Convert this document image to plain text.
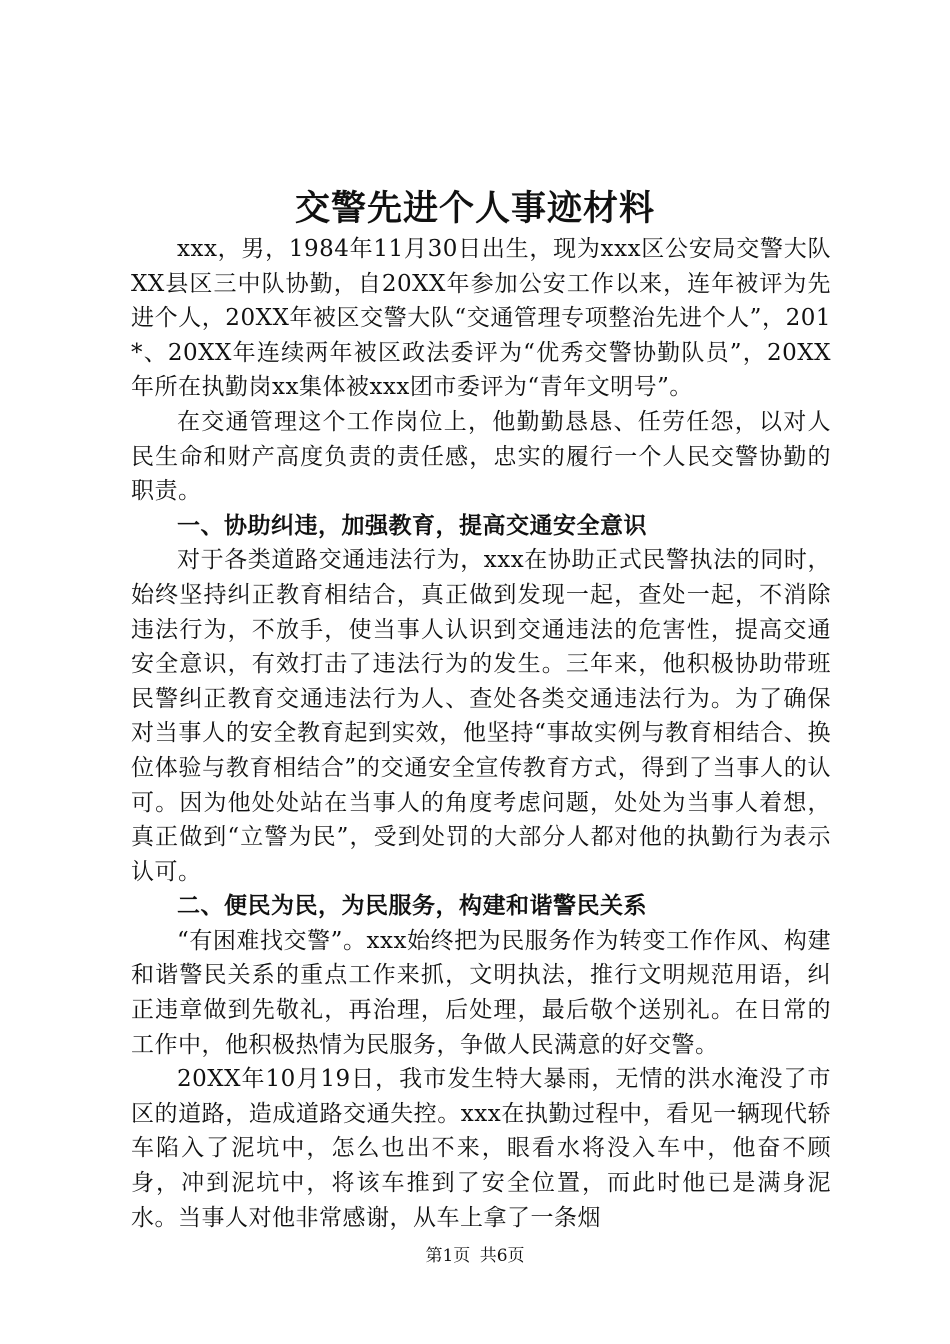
交警先进个人事迹材料

xxx，男，1984年11月30日出生，现为xxx区公安局交警大队XX县区三中队协勤，自20XX年参加公安工作以来，连年被评为先进个人，20XX年被区交警大队“交通管理专项整治先进个人”，201*、20XX年连续两年被区政法委评为“优秀交警协勤队员”，20XX年所在执勤岗xx集体被xxx团市委评为“青年文明号”。

在交通管理这个工作岗位上，他勤勤恳恳、任劳任怨，以对人民生命和财产高度负责的责任感，忠实的履行一个人民交警协勤的职责。

一、协助纠违，加强教育，提高交通安全意识

对于各类道路交通违法行为，xxx在协助正式民警执法的同时，始终坚持纠正教育相结合，真正做到发现一起，查处一起，不消除违法行为，不放手，使当事人认识到交通违法的危害性，提高交通安全意识，有效打击了违法行为的发生。三年来，他积极协助带班民警纠正教育交通违法行为人、查处各类交通违法行为。为了确保对当事人的安全教育起到实效，他坚持“事故实例与教育相结合、换位体验与教育相结合”的交通安全宣传教育方式，得到了当事人的认可。因为他处处站在当事人的角度考虑问题，处处为当事人着想，真正做到“立警为民”，受到处罚的大部分人都对他的执勤行为表示认可。

二、便民为民，为民服务，构建和谐警民关系

“有困难找交警”。xxx始终把为民服务作为转变工作作风、构建和谐警民关系的重点工作来抓，文明执法，推行文明规范用语，纠正违章做到先敬礼，再治理，后处理，最后敬个送别礼。在日常的工作中，他积极热情为民服务，争做人民满意的好交警。

20XX年10月19日，我市发生特大暴雨，无情的洪水淹没了市区的道路，造成道路交通失控。xxx在执勤过程中，看见一辆现代轿车陷入了泥坑中，怎么也出不来，眼看水将没入车中，他奋不顾身，冲到泥坑中，将该车推到了安全位置，而此时他已是满身泥水。当事人对他非常感谢，从车上拿了一条烟

第1页 共6页
